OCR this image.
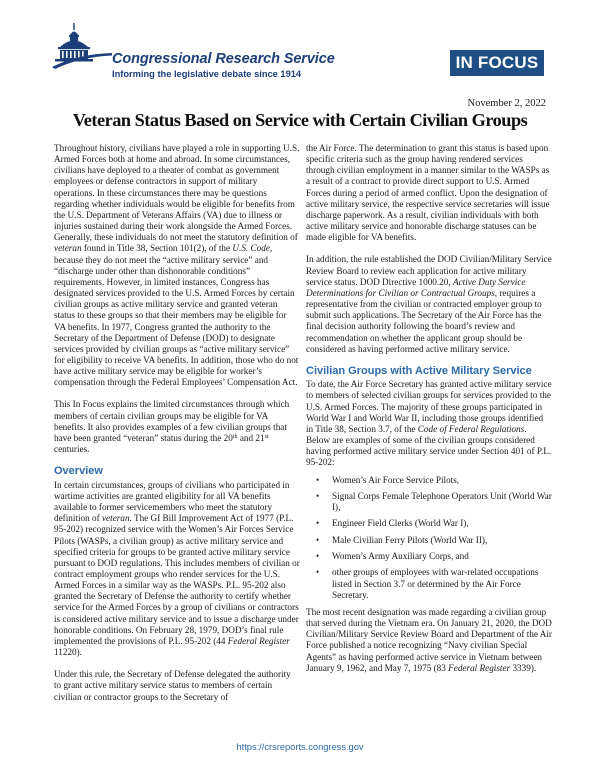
Congressional Research Service
Informing the legislative debate since 1914
IN FOCUS
November 2, 2022
Veteran Status Based on Service with Certain Civilian Groups

Throughout history, civilians have played a role in supporting U.S. Armed Forces both at home and abroad. In some circumstances, civilians have deployed to a theater of combat as government employees or defense contractors in support of military operations. In these circumstances there may be questions regarding whether individuals would be eligible for benefits from the U.S. Department of Veterans Affairs (VA) due to illness or injuries sustained during their work alongside the Armed Forces. Generally, these individuals do not meet the statutory definition of veteran found in Title 38, Section 101(2), of the U.S. Code, because they do not meet the “active military service” and “discharge under other than dishonorable conditions” requirements. However, in limited instances, Congress has designated services provided to the U.S. Armed Forces by certain civilian groups as active military service and granted veteran status to these groups so that their members may be eligible for VA benefits. In 1977, Congress granted the authority to the Secretary of the Department of Defense (DOD) to designate services provided by civilian groups as “active military service” for eligibility to receive VA benefits. In addition, those who do not have active military service may be eligible for worker’s compensation through the Federal Employees’ Compensation Act.

This In Focus explains the limited circumstances through which members of certain civilian groups may be eligible for VA benefits. It also provides examples of a few civilian groups that have been granted “veteran” status during the 20th and 21st centuries.

Overview

In certain circumstances, groups of civilians who participated in wartime activities are granted eligibility for all VA benefits available to former servicemembers who meet the statutory definition of veteran. The GI Bill Improvement Act of 1977 (P.L. 95-202) recognized service with the Women’s Air Forces Service Pilots (WASPs, a civilian group) as active military service and specified criteria for groups to be granted active military service pursuant to DOD regulations. This includes members of civilian or contract employment groups who render services for the U.S. Armed Forces in a similar way as the WASPs. P.L. 95-202 also granted the Secretary of Defense the authority to certify whether service for the Armed Forces by a group of civilians or contractors is considered active military service and to issue a discharge under honorable conditions. On February 28, 1979, DOD’s final rule implemented the provisions of P.L. 95-202 (44 Federal Register 11220).

Under this rule, the Secretary of Defense delegated the authority to grant active military service status to members of certain civilian or contractor groups to the Secretary of

the Air Force. The determination to grant this status is based upon specific criteria such as the group having rendered services through civilian employment in a manner similar to the WASPs as a result of a contract to provide direct support to U.S. Armed Forces during a period of armed conflict. Upon the designation of active military service, the respective service secretaries will issue discharge paperwork. As a result, civilian individuals with both active military service and honorable discharge statuses can be made eligible for VA benefits.

In addition, the rule established the DOD Civilian/Military Service Review Board to review each application for active military service status. DOD Directive 1000.20, Active Duty Service Determinations for Civilian or Contractual Groups, requires a representative from the civilian or contracted employer group to submit such applications. The Secretary of the Air Force has the final decision authority following the board’s review and recommendation on whether the applicant group should be considered as having performed active military service.

Civilian Groups with Active Military Service

To date, the Air Force Secretary has granted active military service to members of selected civilian groups for services provided to the U.S. Armed Forces. The majority of these groups participated in World War I and World War II, including those groups identified in Title 38, Section 3.7, of the Code of Federal Regulations. Below are examples of some of the civilian groups considered having performed active military service under Section 401 of P.L. 95-202:

• Women’s Air Force Service Pilots,
• Signal Corps Female Telephone Operators Unit (World War I),
• Engineer Field Clerks (World War I),
• Male Civilian Ferry Pilots (World War II),
• Women’s Army Auxiliary Corps, and
• other groups of employees with war-related occupations listed in Section 3.7 or determined by the Air Force Secretary.

The most recent designation was made regarding a civilian group that served during the Vietnam era. On January 21, 2020, the DOD Civilian/Military Service Review Board and Department of the Air Force published a notice recognizing “Navy civilian Special Agents” as having performed active service in Vietnam between January 9, 1962, and May 7, 1975 (83 Federal Register 3339).

https://crsreports.congress.gov
